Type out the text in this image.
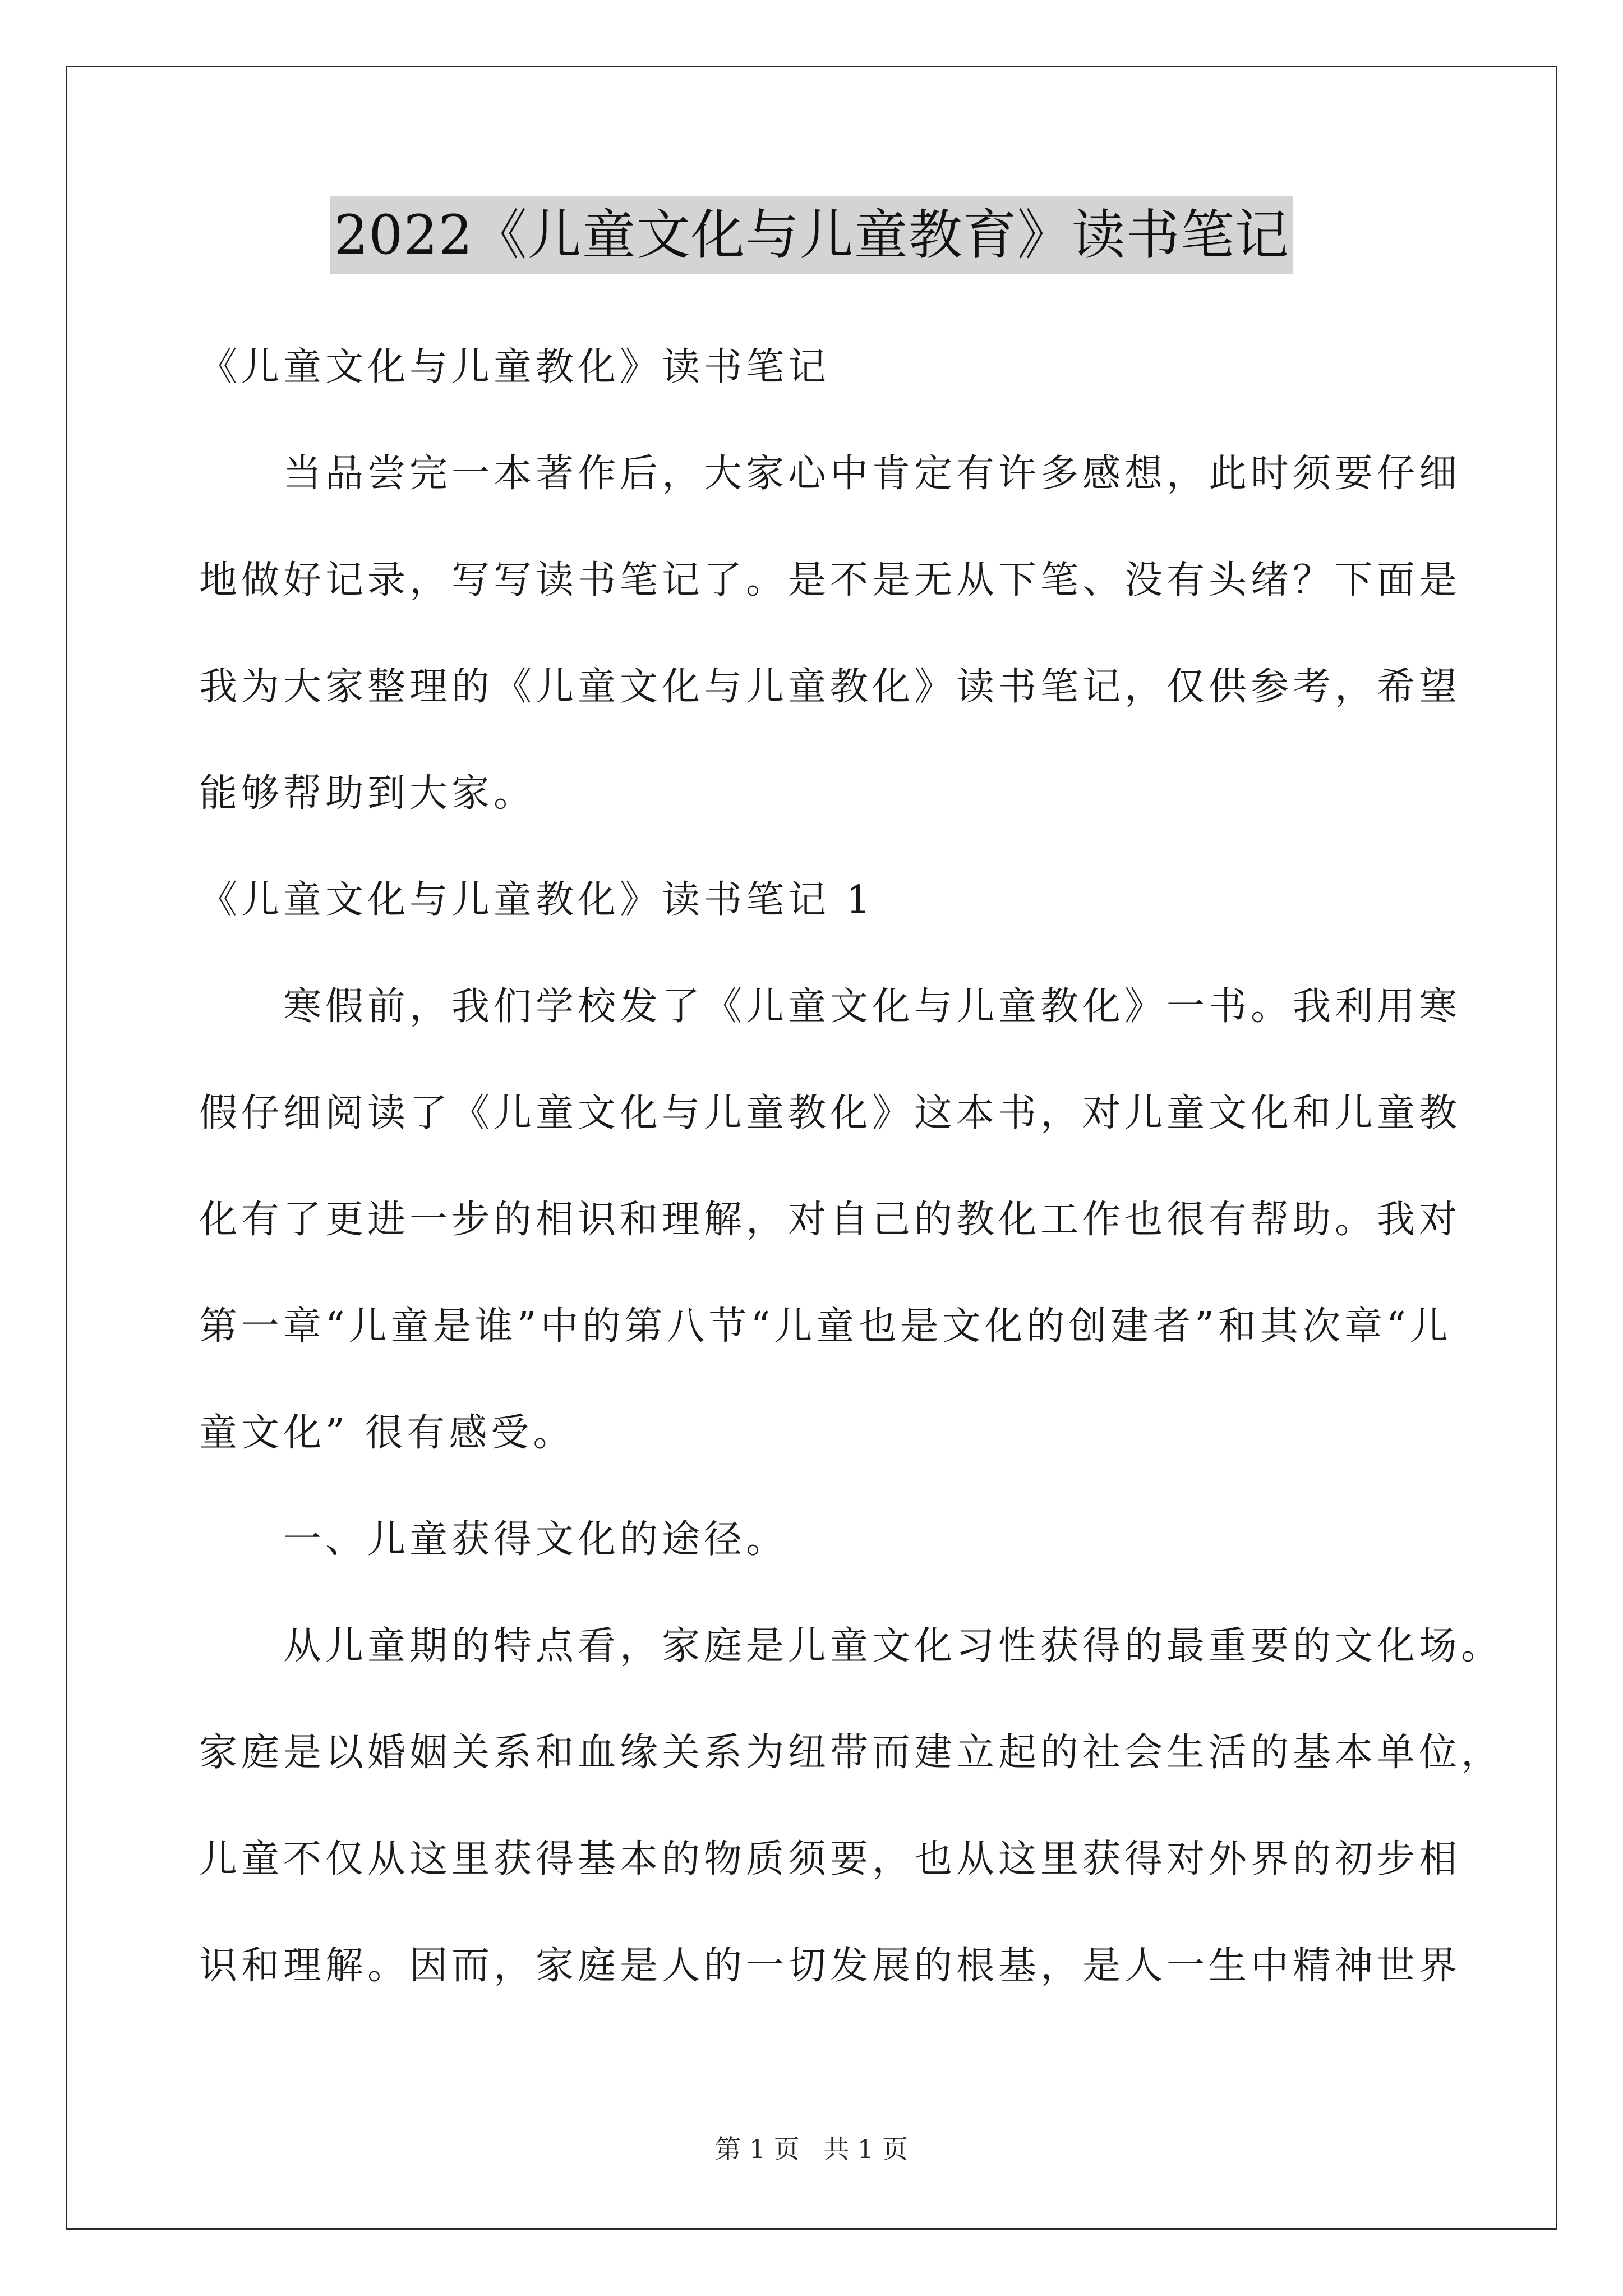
2022《儿童文化与儿童教育》读书笔记
《儿童文化与儿童教化》读书笔记
当品尝完一本著作后，大家心中肯定有许多感想，此时须要仔细
地做好记录，写写读书笔记了。是不是无从下笔、没有头绪？下面是
我为大家整理的《儿童文化与儿童教化》读书笔记，仅供参考，希望
能够帮助到大家。
《儿童文化与儿童教化》读书笔记 1
寒假前，我们学校发了《儿童文化与儿童教化》一书。我利用寒
假仔细阅读了《儿童文化与儿童教化》这本书，对儿童文化和儿童教
化有了更进一步的相识和理解，对自己的教化工作也很有帮助。我对
第一章“儿童是谁”中的第八节“儿童也是文化的创建者”和其次章“儿
童文化” 很有感受。
一、儿童获得文化的途径。
从儿童期的特点看，家庭是儿童文化习性获得的最重要的文化场。
家庭是以婚姻关系和血缘关系为纽带而建立起的社会生活的基本单位，
儿童不仅从这里获得基本的物质须要，也从这里获得对外界的初步相
识和理解。因而，家庭是人的一切发展的根基，是人一生中精神世界
第 1 页 共 1 页
